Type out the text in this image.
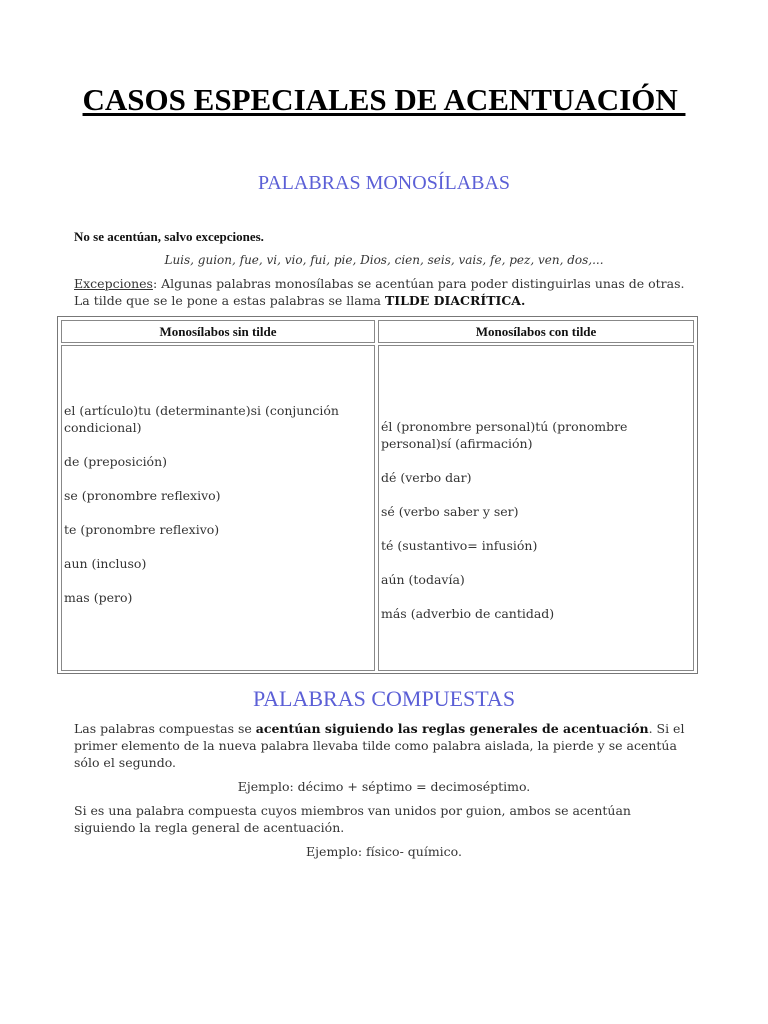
CASOS ESPECIALES DE ACENTUACIÓN
PALABRAS MONOSÍLABAS
No se acentúan, salvo excepciones.
Luis, guion, fue, vi, vio, fui, pie, Dios, cien, seis, vais, fe, pez, ven, dos,...
Excepciones: Algunas palabras monosílabas se acentúan para poder distinguirlas unas de otras. La tilde que se le pone a estas palabras se llama TILDE DIACRÍTICA.
Monosílabos sin tilde	Monosílabos con tilde

el (artículo)tu (determinante)si (conjunción condicional)

de (preposición)

se (pronombre reflexivo)

te (pronombre reflexivo)

aun (incluso)

mas (pero)

él (pronombre personal)tú (pronombre personal)sí (afirmación)

dé (verbo dar)

sé (verbo saber y ser)

té (sustantivo= infusión)

aún (todavía)

más (adverbio de cantidad)

PALABRAS COMPUESTAS
Las palabras compuestas se acentúan siguiendo las reglas generales de acentuación. Si el primer elemento de la nueva palabra llevaba tilde como palabra aislada, la pierde y se acentúa sólo el segundo.
Ejemplo: décimo + séptimo = decimoséptimo.
Si es una palabra compuesta cuyos miembros van unidos por guion, ambos se acentúan siguiendo la regla general de acentuación.
Ejemplo: físico- químico.
